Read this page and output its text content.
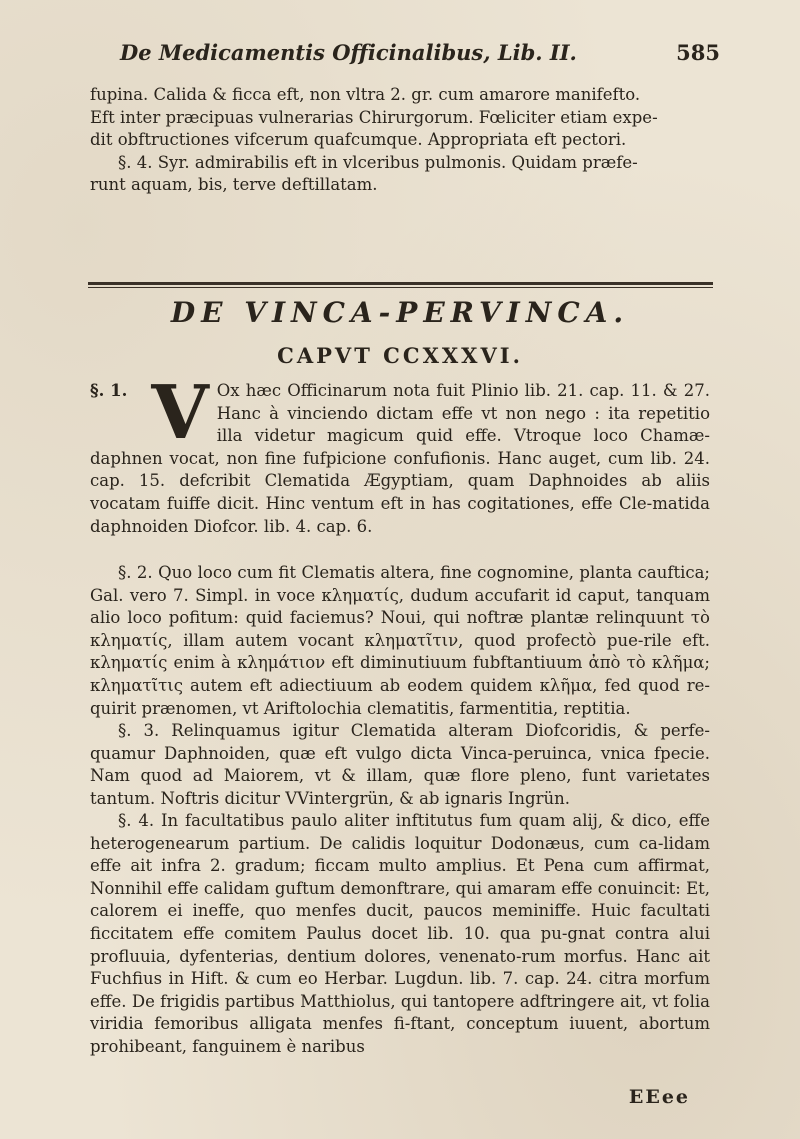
De Medicamentis Officinalibus, Lib. II.	585

fupina. Calida & ficca eft, non vltra 2. gr. cum amarore manifefto.

Eft inter præcipuas vulnerarias Chirurgorum. Fœliciter etiam expe-

dit obftructiones vifcerum quafcumque. Appropriata eft pectori.

§. 4. Syr. admirabilis eft in vlceribus pulmonis. Quidam præfe-

runt aquam, bis, terve deftillatam.

DE VINCA-PERVINCA.
CAPVT CCXXXVI.
§. 1. V Ox hæc Officinarum nota fuit Plinio lib. 21. cap. 11. & 27. Hanc à vinciendo dictam effe vt non nego : ita repetitio illa videtur magicum quid effe. Vtroque loco Chamæ-daphnen vocat, non fine fufpicione confufionis. Hanc auget, cum lib. 24. cap. 15. defcribit Clematida Ægyptiam, quam Daphnoides ab aliis vocatam fuiffe dicit. Hinc ventum eft in has cogitationes, effe Cle-matida daphnoiden Diofcor. lib. 4. cap. 6.

§. 2. Quo loco cum fit Clematis altera, fine cognomine, planta cauftica; Gal. vero 7. Simpl. in voce κληματίς, dudum accufarit id caput, tanquam alio loco pofitum: quid faciemus? Noui, qui noftræ plantæ relinquunt τὸ κληματίς, illam autem vocant κληματῖτιν, quod profectò pue-rile eft. κληματίς enim à κλημάτιον eft diminutiuum fubftantiuum ἀπὸ τὸ κλῆμα; κληματῖτις autem eft adiectiuum ab eodem quidem κλῆμα, fed quod re-quirit prænomen, vt Ariftolochia clematitis, farmentitia, reptitia.

§. 3. Relinquamus igitur Clematida alteram Diofcoridis, & perfe-quamur Daphnoiden, quæ eft vulgo dicta Vinca-peruinca, vnica fpecie. Nam quod ad Maiorem, vt & illam, quæ flore pleno, funt varietates tantum. Noftris dicitur VVintergrün, & ab ignaris Ingrün.

§. 4. In facultatibus paulo aliter inftitutus fum quam alij, & dico, effe heterogenearum partium. De calidis loquitur Dodonæus, cum ca-lidam effe ait infra 2. gradum; ficcam multo amplius. Et Pena cum affirmat, Nonnihil effe calidam guftum demonftrare, qui amaram effe conuincit: Et, calorem ei ineffe, quo menfes ducit, paucos meminiffe. Huic facultati ficcitatem effe comitem Paulus docet lib. 10. qua pu-gnat contra alui profluuia, dyfenterias, dentium dolores, venenato-rum morfus. Hanc ait Fuchfius in Hift. & cum eo Herbar. Lugdun. lib. 7. cap. 24. citra morfum effe. De frigidis partibus Matthiolus, qui tantopere adftringere ait, vt folia viridia femoribus alligata menfes fi-ftant, conceptum iuuent, abortum prohibeant, fanguinem è naribus

EEee
